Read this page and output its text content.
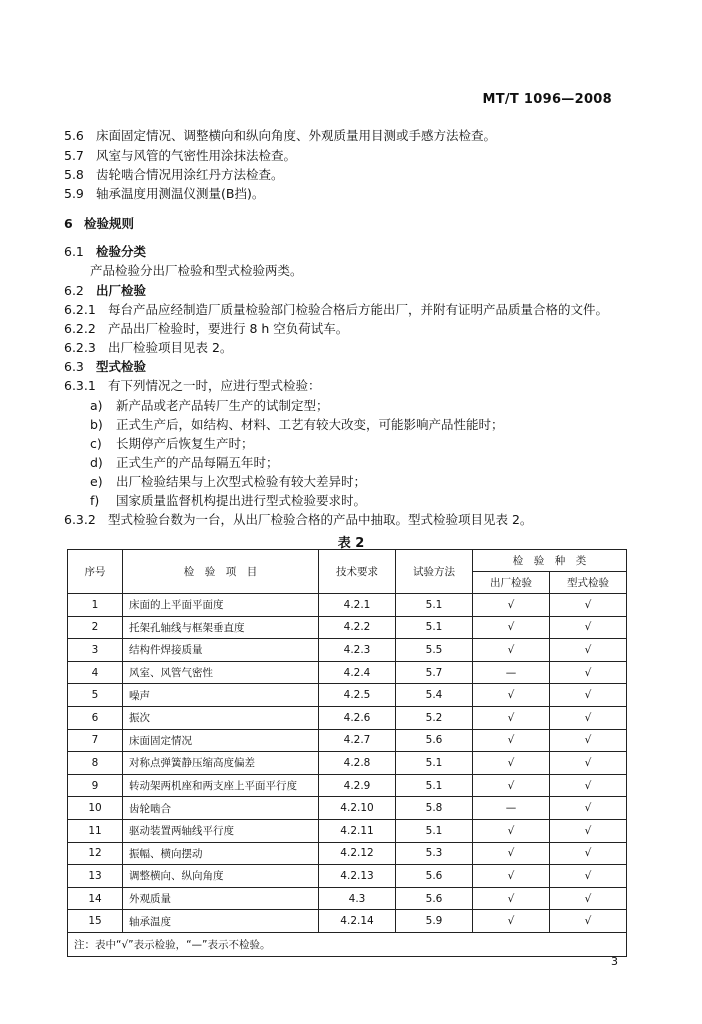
MT/T 1096—2008
5.6 床面固定情况、调整横向和纵向角度、外观质量用目测或手感方法检查。
5.7 风室与风管的气密性用涂抹法检查。
5.8 齿轮啮合情况用涂红丹方法检查。
5.9 轴承温度用测温仪测量(B挡)。
6 检验规则
6.1 检验分类
产品检验分出厂检验和型式检验两类。
6.2 出厂检验
6.2.1 每台产品应经制造厂质量检验部门检验合格后方能出厂，并附有证明产品质量合格的文件。
6.2.2 产品出厂检验时，要进行 8 h 空负荷试车。
6.2.3 出厂检验项目见表 2。
6.3 型式检验
6.3.1 有下列情况之一时，应进行型式检验：
a) 新产品或老产品转厂生产的试制定型；
b) 正式生产后，如结构、材料、工艺有较大改变，可能影响产品性能时；
c) 长期停产后恢复生产时；
d) 正式生产的产品每隔五年时；
e) 出厂检验结果与上次型式检验有较大差异时；
f) 国家质量监督机构提出进行型式检验要求时。
6.3.2 型式检验台数为一台，从出厂检验合格的产品中抽取。型式检验项目见表 2。
表 2
序号	检　验　项　目	技术要求	试验方法	检　验　种　类	
				出厂检验	型式检验
1	床面的上平面平面度	4.2.1	5.1	√	√
2	托架孔轴线与框架垂直度	4.2.2	5.1	√	√
3	结构件焊接质量	4.2.3	5.5	√	√
4	风室、风管气密性	4.2.4	5.7	—	√
5	噪声	4.2.5	5.4	√	√
6	振次	4.2.6	5.2	√	√
7	床面固定情况	4.2.7	5.6	√	√
8	对称点弹簧静压缩高度偏差	4.2.8	5.1	√	√
9	转动架两机座和两支座上平面平行度	4.2.9	5.1	√	√
10	齿轮啮合	4.2.10	5.8	—	√
11	驱动装置两轴线平行度	4.2.11	5.1	√	√
12	振幅、横向摆动	4.2.12	5.3	√	√
13	调整横向、纵向角度	4.2.13	5.6	√	√
14	外观质量	4.3	5.6	√	√
15	轴承温度	4.2.14	5.9	√	√
注：表中“√”表示检验，“—”表示不检验。					
3
